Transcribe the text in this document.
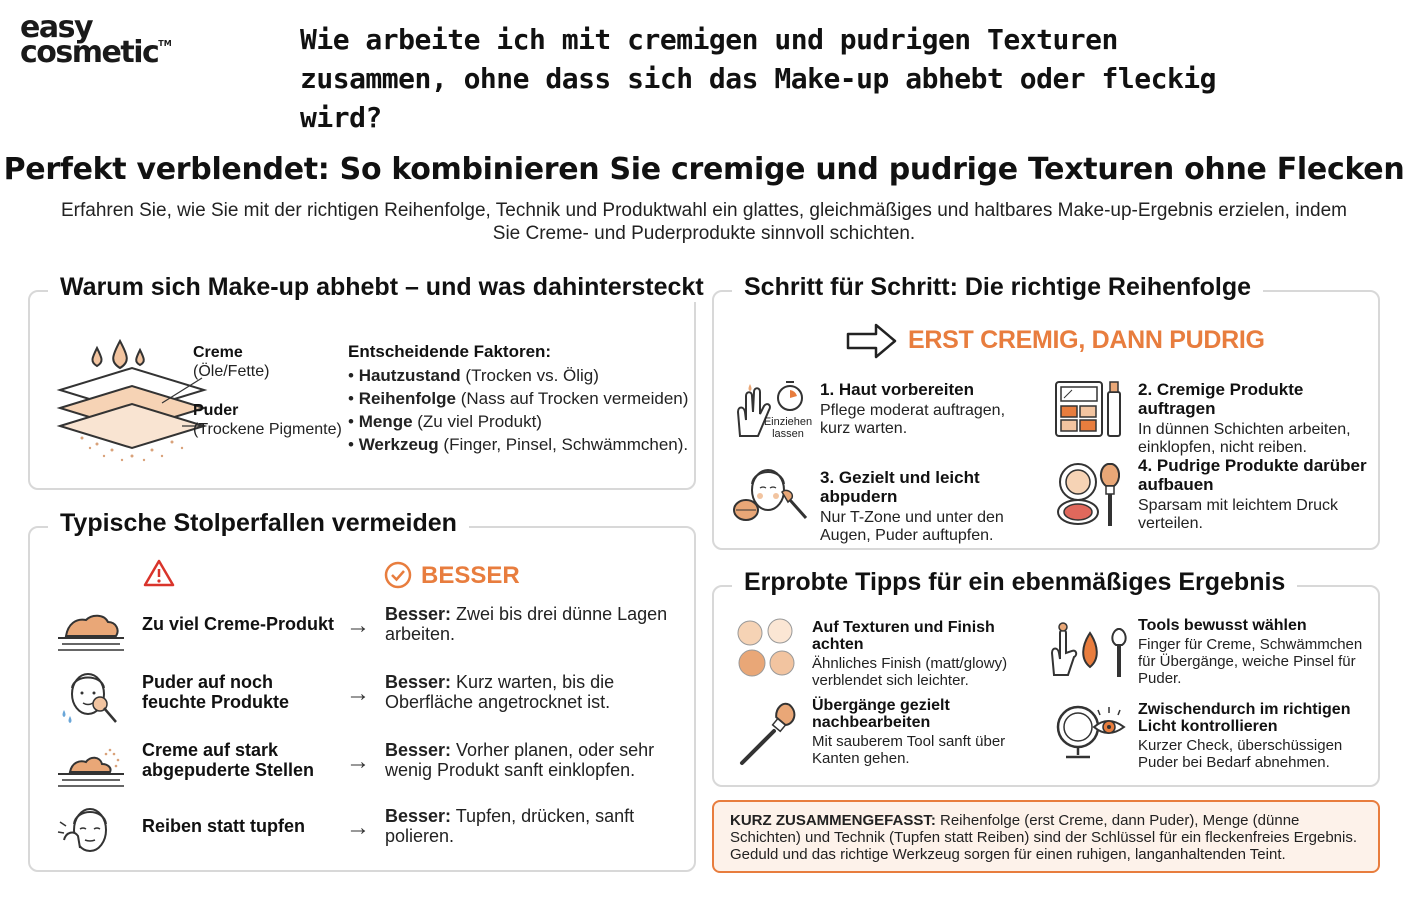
easy
cosmetic™	Wie arbeite ich mit cremigen und pudrigen Texturen zusammen, ohne dass sich das Make-up abhebt oder fleckig wird?
Perfekt verblendet: So kombinieren Sie cremige und pudrige Texturen ohne Flecken
Erfahren Sie, wie Sie mit der richtigen Reihenfolge, Technik und Produktwahl ein glattes, gleichmäßiges und haltbares Make-up-Ergebnis erzielen, indem Sie Creme- und Puderprodukte sinnvoll schichten.
Warum sich Make-up abhebt – und was dahintersteckt
Creme
(Öle/Fette)
Puder
(Trockene Pigmente)
Entscheidende Faktoren:
• Hautzustand (Trocken vs. Ölig)
• Reihenfolge (Nass auf Trocken vermeiden)
• Menge (Zu viel Produkt)
• Werkzeug (Finger, Pinsel, Schwämmchen).
Typische Stolperfallen vermeiden
BESSER
Zu viel Creme-Produkt → Besser: Zwei bis drei dünne Lagen arbeiten.
Puder auf noch feuchte Produkte	→ Besser: Kurz warten, bis die Oberfläche angetrocknet ist.
Creme auf stark abgepuderte Stellen	→ Besser: Vorher planen, oder sehr wenig Produkt sanft einklopfen.
Reiben statt tupfen	→ Besser: Tupfen, drücken, sanft polieren.
Schritt für Schritt: Die richtige Reihenfolge
ERST CREMIG, DANN PUDRIG
Einziehen lassen
1. Haut vorbereiten
Pflege moderat auftragen, kurz warten.
2. Cremige Produkte auftragen
In dünnen Schichten arbeiten, einklopfen, nicht reiben.
3. Gezielt und leicht abpudern
Nur T-Zone und unter den Augen, Puder auftupfen.
4. Pudrige Produkte darüber aufbauen
Sparsam mit leichtem Druck verteilen.
Erprobte Tipps für ein ebenmäßiges Ergebnis
Auf Texturen und Finish achten
Ähnliches Finish (matt/glowy) verblendet sich leichter.
Tools bewusst wählen
Finger für Creme, Schwämmchen für Übergänge, weiche Pinsel für Puder.
Übergänge gezielt nachbearbeiten
Mit sauberem Tool sanft über Kanten gehen.
Zwischendurch im richtigen Licht kontrollieren
Kurzer Check, überschüssigen Puder bei Bedarf abnehmen.
KURZ ZUSAMMENGEFASST: Reihenfolge (erst Creme, dann Puder), Menge (dünne Schichten) und Technik (Tupfen statt Reiben) sind der Schlüssel für ein fleckenfreies Ergebnis. Geduld und das richtige Werkzeug sorgen für einen ruhigen, langanhaltenden Teint.
